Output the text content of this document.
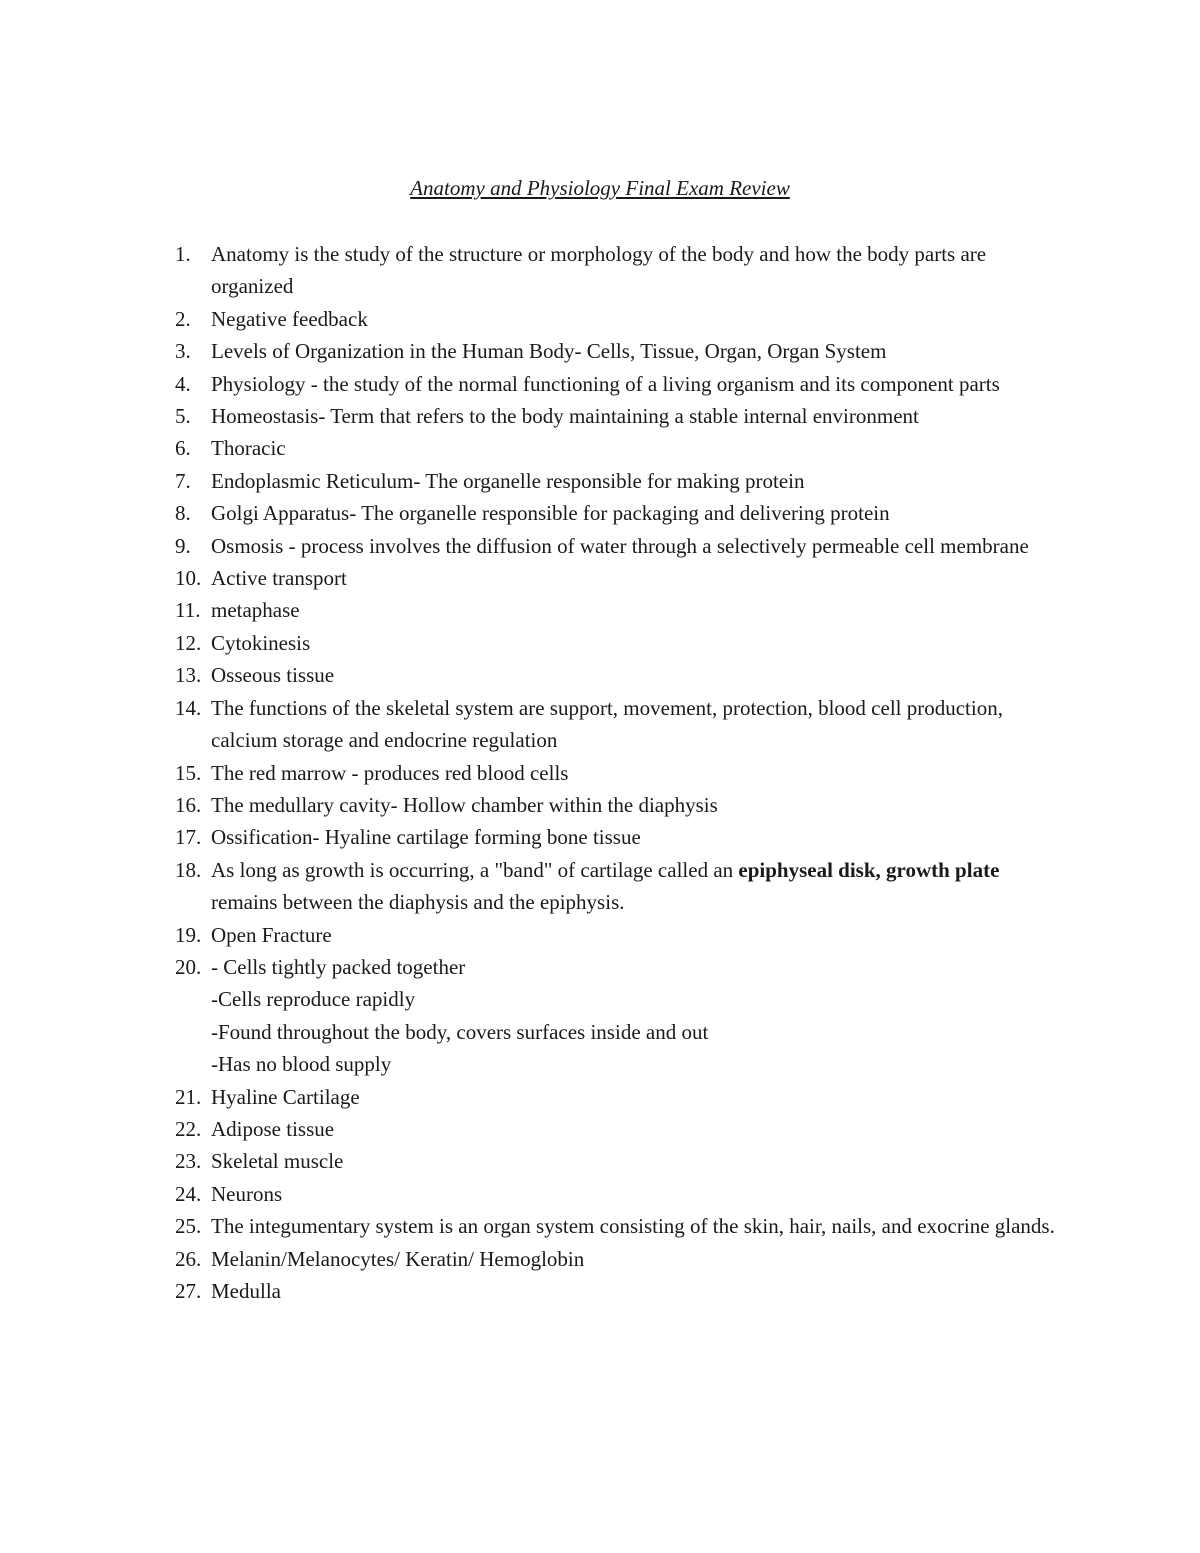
Anatomy and Physiology Final Exam Review
1. Anatomy is the study of the structure or morphology of the body and how the body parts are organized
2. Negative feedback
3. Levels of Organization in the Human Body- Cells, Tissue, Organ, Organ System
4. Physiology - the study of the normal functioning of a living organism and its component parts
5. Homeostasis- Term that refers to the body maintaining a stable internal environment
6. Thoracic
7. Endoplasmic Reticulum- The organelle responsible for making protein
8. Golgi Apparatus- The organelle responsible for packaging and delivering protein
9. Osmosis - process involves the diffusion of water through a selectively permeable cell membrane
10. Active transport
11. metaphase
12. Cytokinesis
13. Osseous tissue
14. The functions of the skeletal system are support, movement, protection, blood cell production, calcium storage and endocrine regulation
15. The red marrow - produces red blood cells
16. The medullary cavity- Hollow chamber within the diaphysis
17. Ossification- Hyaline cartilage forming bone tissue
18. As long as growth is occurring, a "band" of cartilage called an epiphyseal disk, growth plate remains between the diaphysis and the epiphysis.
19. Open Fracture
20. - Cells tightly packed together
-Cells reproduce rapidly
-Found throughout the body, covers surfaces inside and out
-Has no blood supply
21. Hyaline Cartilage
22. Adipose tissue
23. Skeletal muscle
24. Neurons
25. The integumentary system is an organ system consisting of the skin, hair, nails, and exocrine glands.
26. Melanin/Melanocytes/ Keratin/ Hemoglobin
27. Medulla
